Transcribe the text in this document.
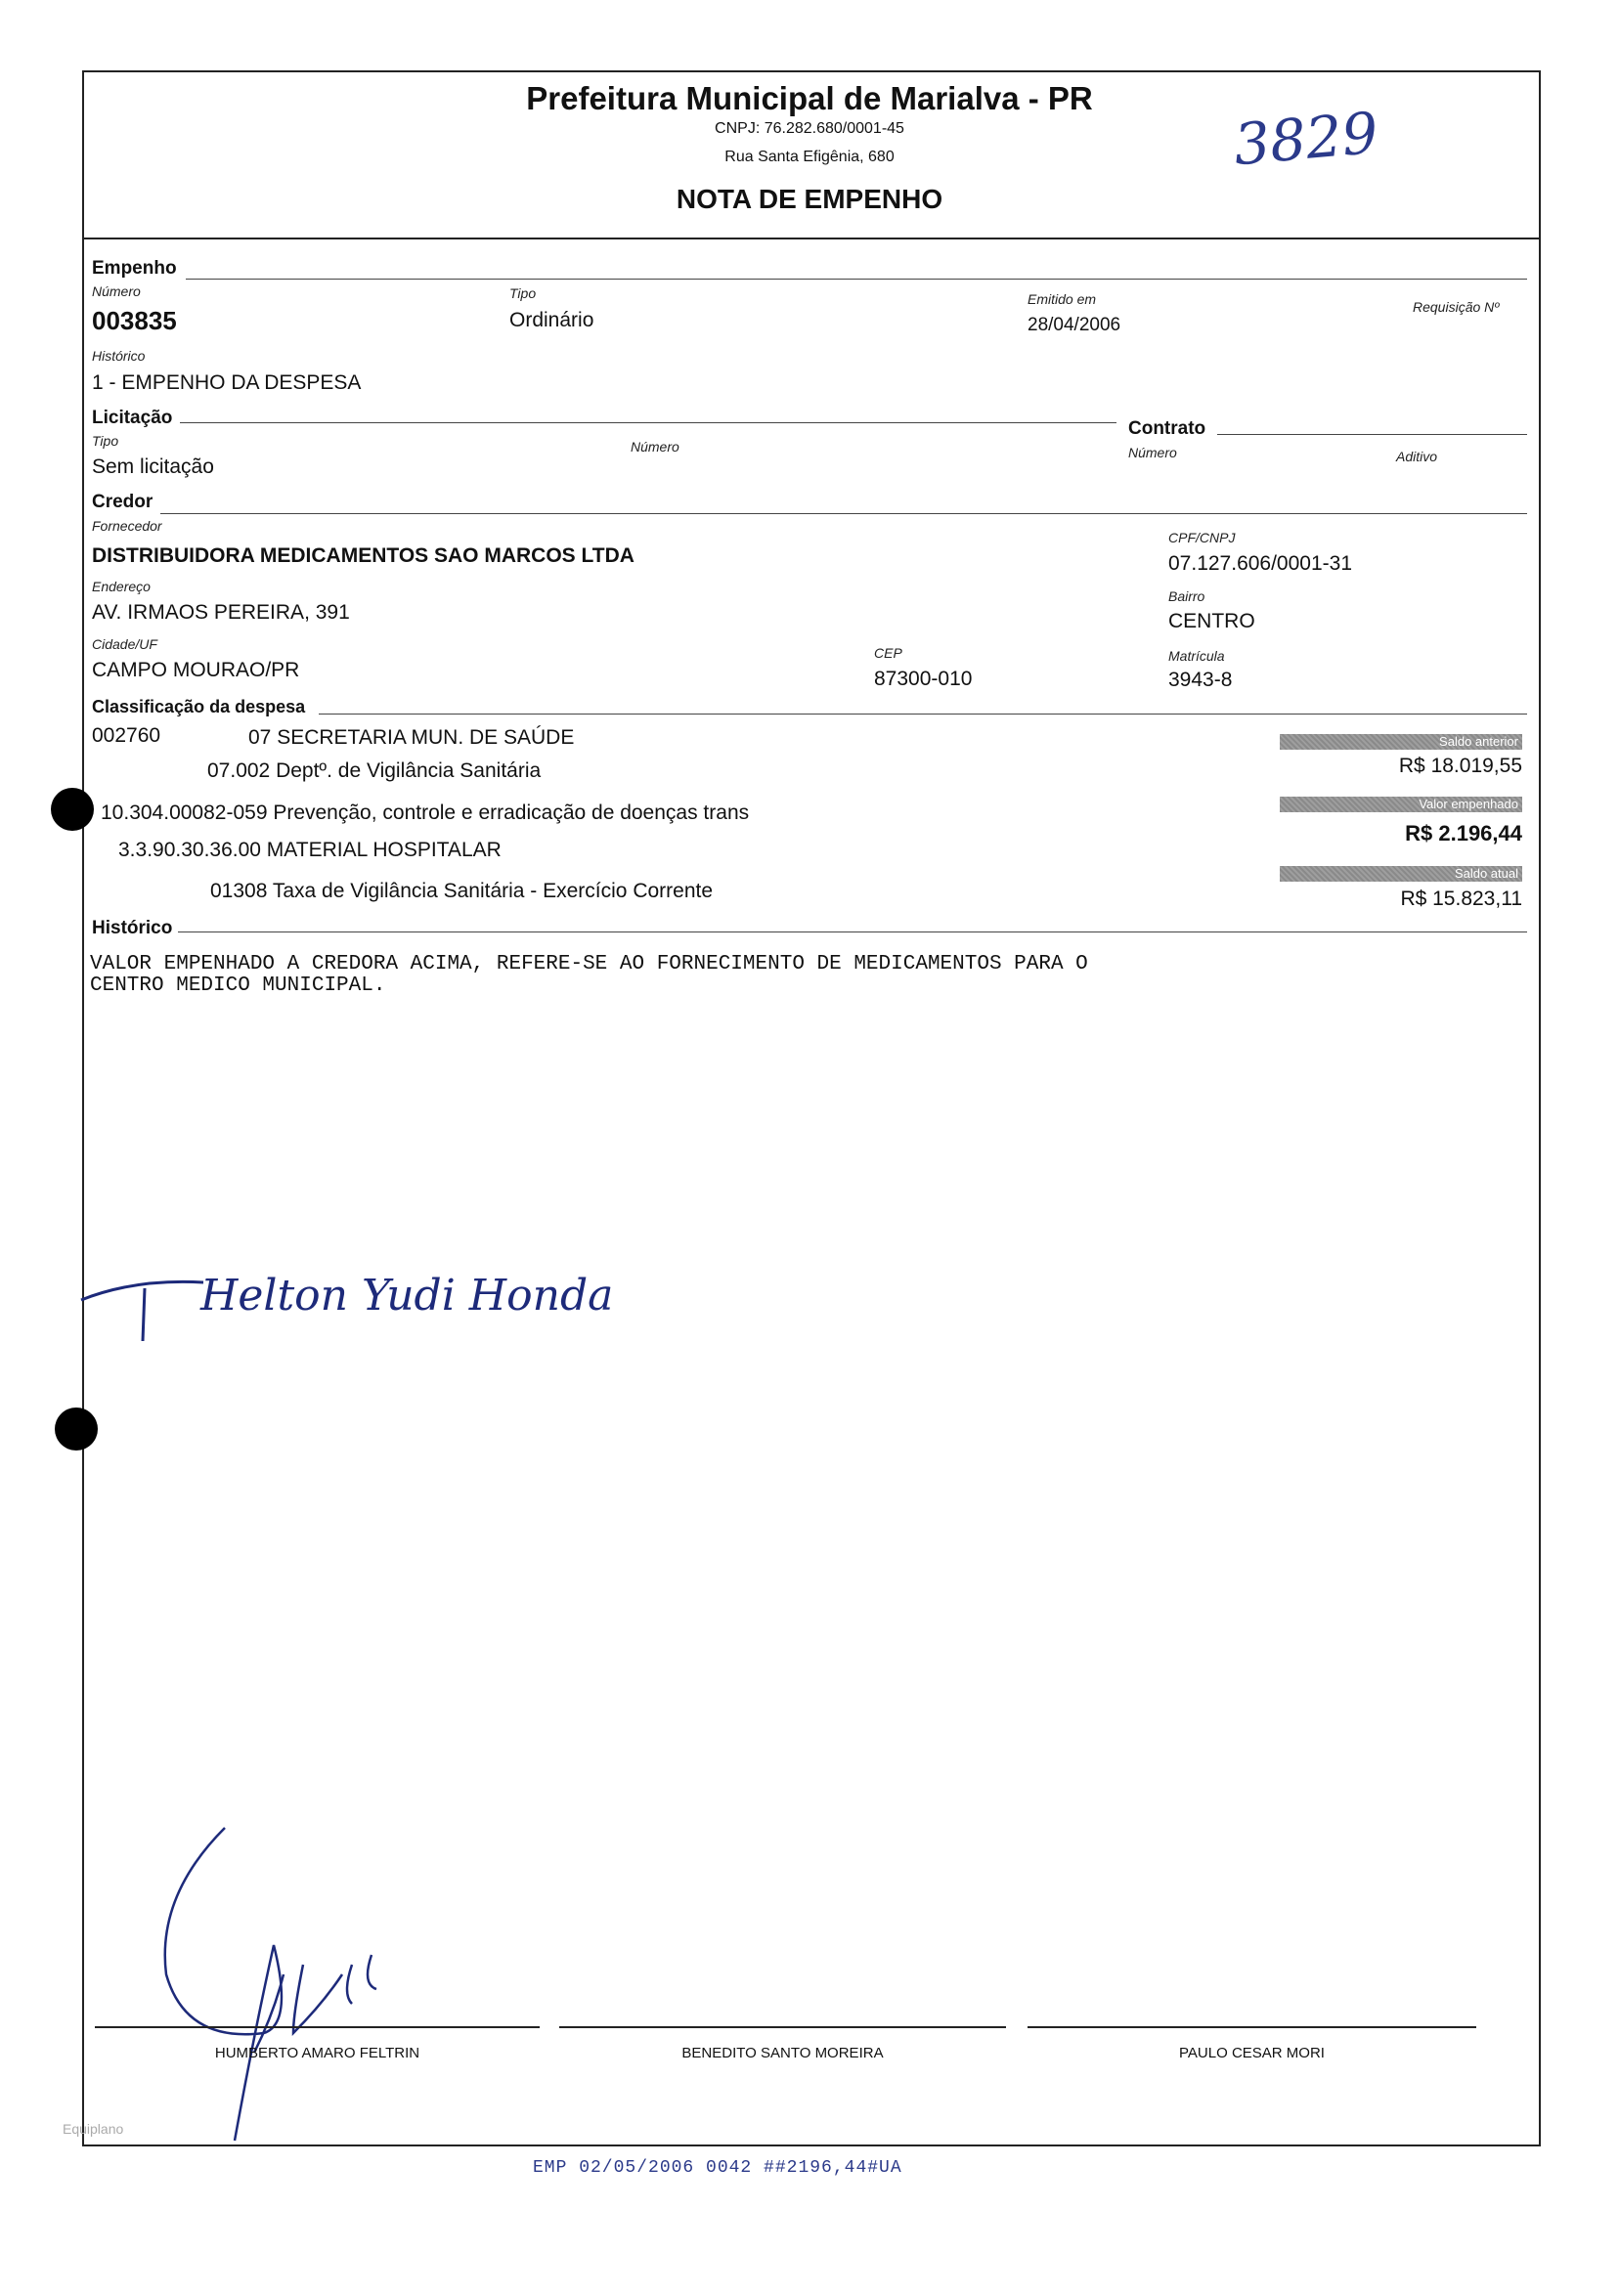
Prefeitura Municipal de Marialva - PR
CNPJ: 76.282.680/0001-45
Rua Santa Efigênia, 680
NOTA DE EMPENHO
3829
Empenho
Número
003835
Tipo
Ordinário
Emitido em
28/04/2006
Requisição Nº
Histórico
1 - EMPENHO DA DESPESA
Licitação
Tipo
Sem licitação
Número
Contrato
Número	Aditivo
Credor
Fornecedor
DISTRIBUIDORA MEDICAMENTOS SAO MARCOS LTDA
CPF/CNPJ
07.127.606/0001-31
Endereço
AV. IRMAOS PEREIRA, 391
Bairro
CENTRO
Cidade/UF
CAMPO MOURAO/PR
CEP
87300-010
Matrícula
3943-8
Classificação da despesa
002760	07 SECRETARIA MUN. DE SAÚDE
07.002 Deptº. de Vigilância Sanitária
10.304.00082-059 Prevenção, controle e erradicação de doenças trans
3.3.90.30.36.00 MATERIAL HOSPITALAR
01308 Taxa de Vigilância Sanitária - Exercício Corrente
Saldo anterior
R$ 18.019,55
Valor empenhado
R$ 2.196,44
Saldo atual
R$ 15.823,11
Histórico
VALOR EMPENHADO A CREDORA ACIMA, REFERE-SE AO FORNECIMENTO DE MEDICAMENTOS PARA O
CENTRO MEDICO MUNICIPAL.
Helton Yudi Honda
HUMBERTO AMARO FELTRIN	BENEDITO SANTO MOREIRA	PAULO CESAR MORI
Equiplano
EMP 02/05/2006 0042 ##2196,44#UA
